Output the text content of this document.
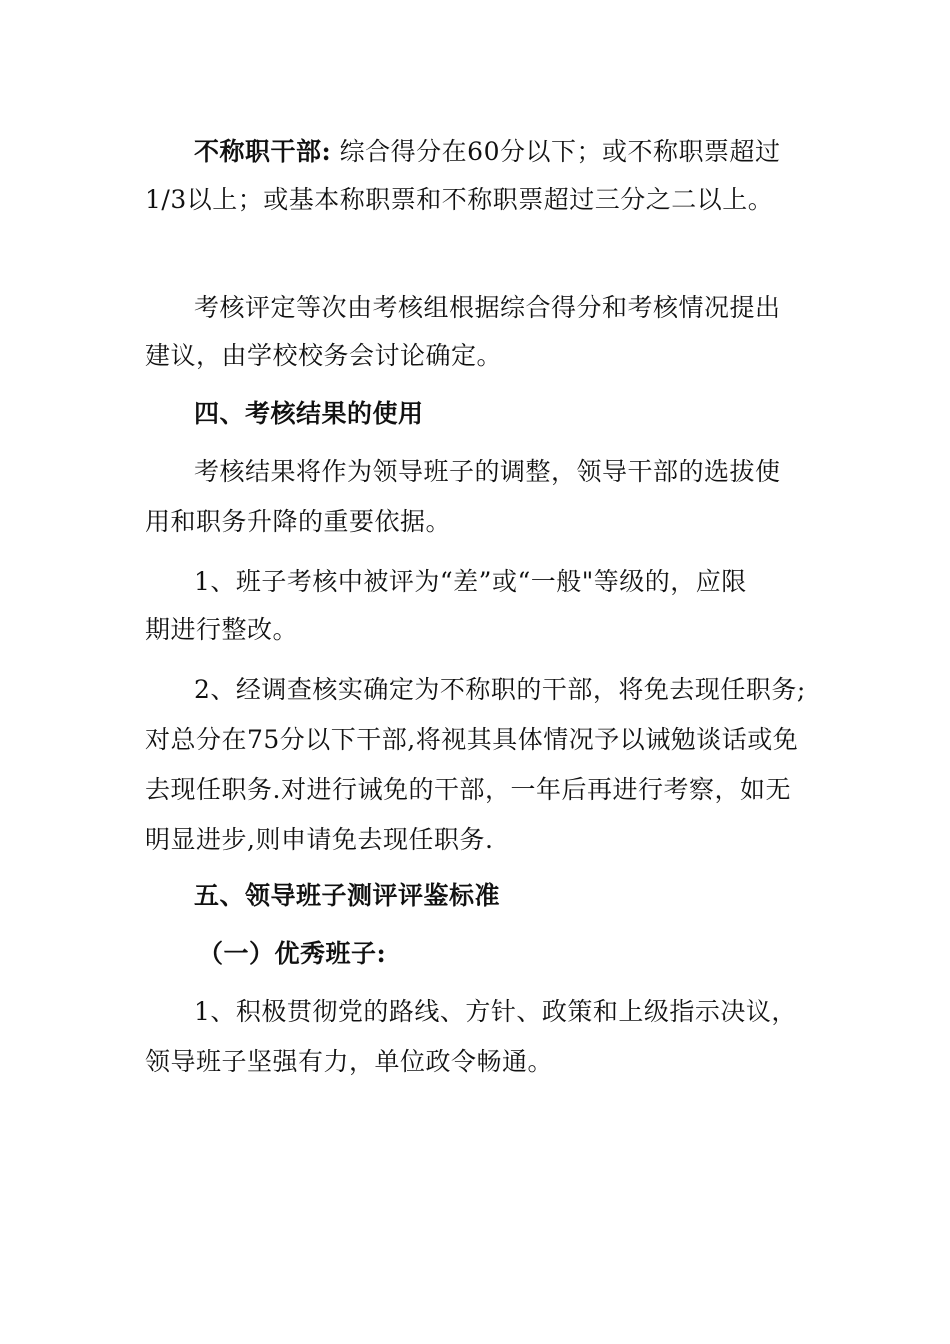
不称职干部: 综合得分在60分以下；或不称职票超过
1/3以上；或基本称职票和不称职票超过三分之二以上。
考核评定等次由考核组根据综合得分和考核情况提出
建议，由学校校务会讨论确定。
四、考核结果的使用
考核结果将作为领导班子的调整，领导干部的选拔使
用和职务升降的重要依据。
1、班子考核中被评为“差”或“一般"等级的，应限
期进行整改。
2、经调查核实确定为不称职的干部，将免去现任职务;
对总分在75分以下干部,将视其具体情况予以诫勉谈话或免
去现任职务.对进行诫免的干部，一年后再进行考察，如无
明显进步,则申请免去现任职务.
五、领导班子测评评鉴标准
（一）优秀班子:
1、积极贯彻党的路线、方针、政策和上级指示决议，
领导班子坚强有力，单位政令畅通。
